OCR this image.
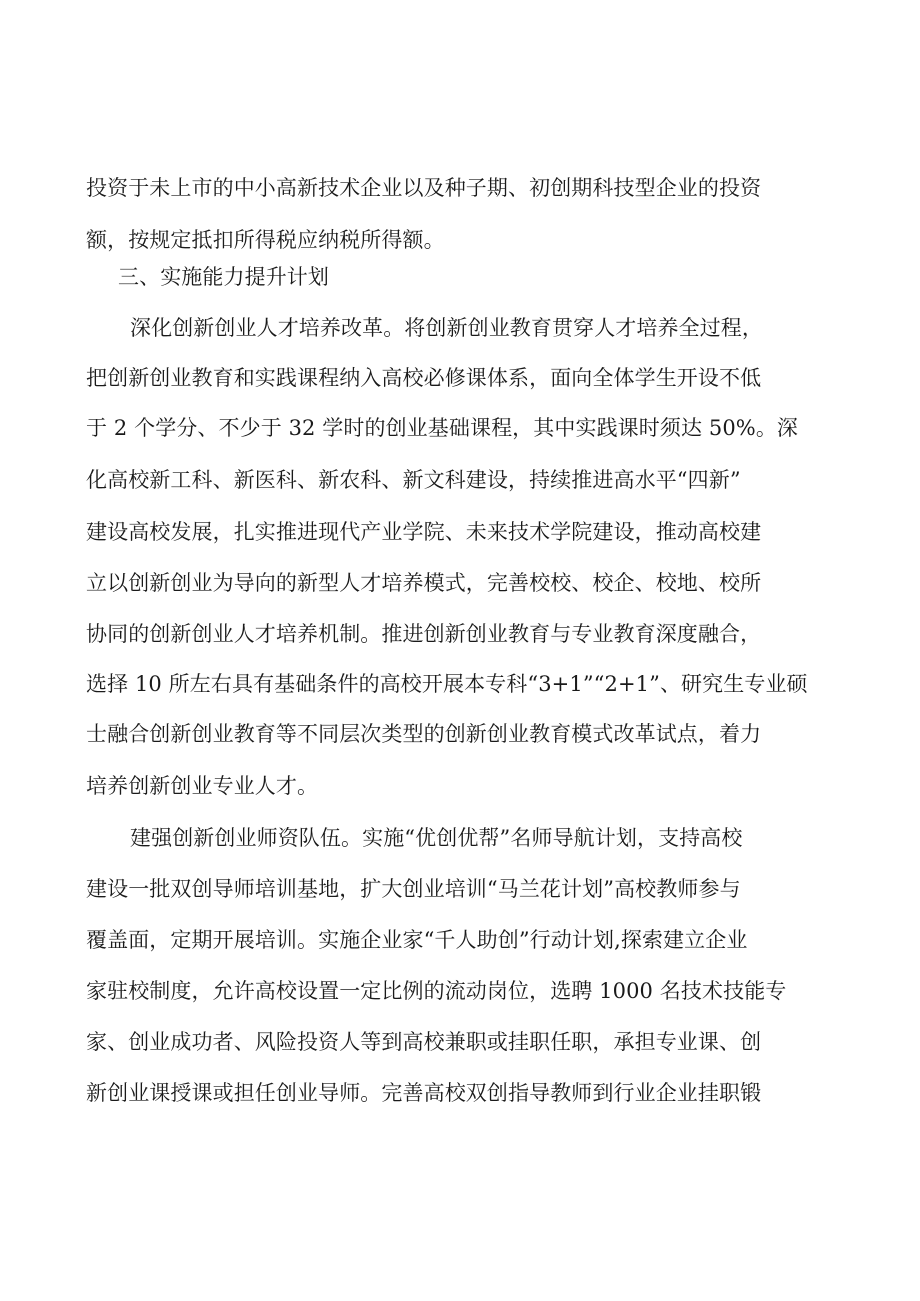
投资于未上市的中小高新技术企业以及种子期、初创期科技型企业的投资
额，按规定抵扣所得税应纳税所得额。
三、实施能力提升计划
深化创新创业人才培养改革。将创新创业教育贯穿人才培养全过程，
把创新创业教育和实践课程纳入高校必修课体系，面向全体学生开设不低
于 2 个学分、不少于 32 学时的创业基础课程，其中实践课时须达 50%。深
化高校新工科、新医科、新农科、新文科建设，持续推进高水平“四新”
建设高校发展，扎实推进现代产业学院、未来技术学院建设，推动高校建
立以创新创业为导向的新型人才培养模式，完善校校、校企、校地、校所
协同的创新创业人才培养机制。推进创新创业教育与专业教育深度融合，
选择 10 所左右具有基础条件的高校开展本专科“3+1”“2+1”、研究生专业硕
士融合创新创业教育等不同层次类型的创新创业教育模式改革试点，着力
培养创新创业专业人才。
建强创新创业师资队伍。实施“优创优帮”名师导航计划，支持高校
建设一批双创导师培训基地，扩大创业培训“马兰花计划”高校教师参与
覆盖面，定期开展培训。实施企业家“千人助创”行动计划,探索建立企业
家驻校制度，允许高校设置一定比例的流动岗位，选聘 1000 名技术技能专
家、创业成功者、风险投资人等到高校兼职或挂职任职，承担专业课、创
新创业课授课或担任创业导师。完善高校双创指导教师到行业企业挂职锻
